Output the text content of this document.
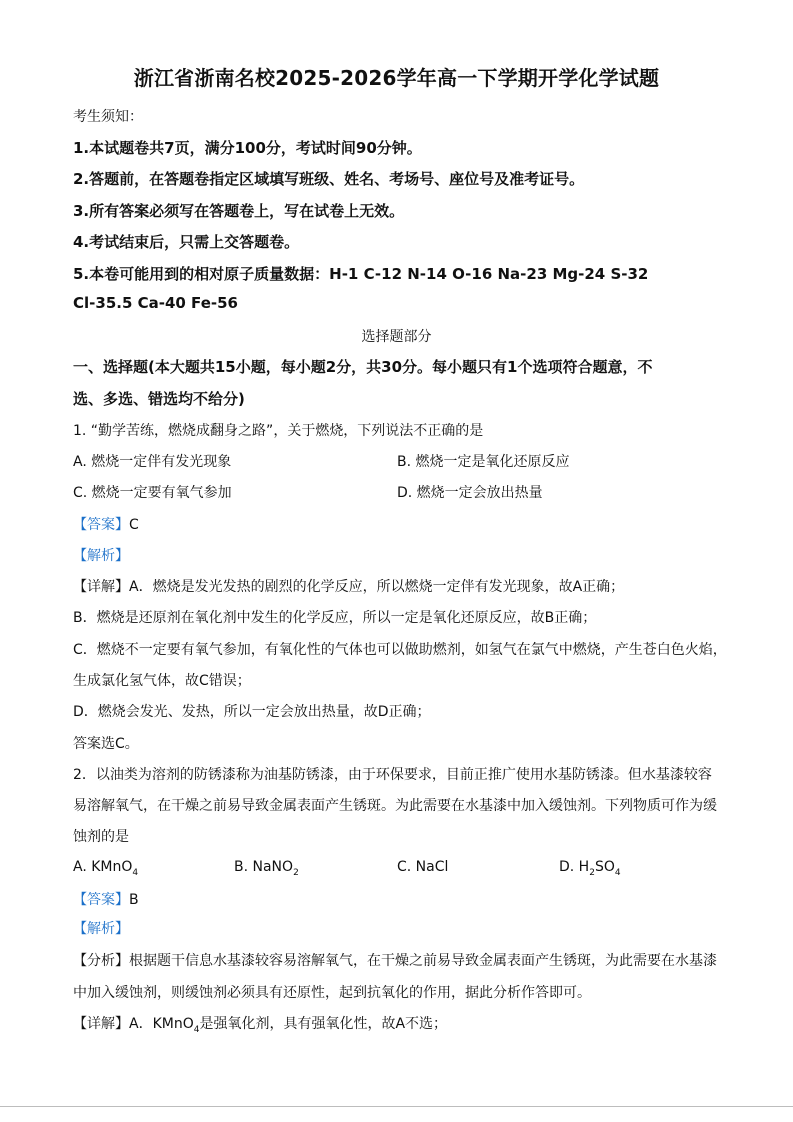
浙江省浙南名校2025-2026学年高一下学期开学化学试题
考生须知：
1.本试题卷共7页，满分100分，考试时间90分钟。
2.答题前，在答题卷指定区域填写班级、姓名、考场号、座位号及准考证号。
3.所有答案必须写在答题卷上，写在试卷上无效。
4.考试结束后，只需上交答题卷。
5.本卷可能用到的相对原子质量数据：H-1 C-12 N-14 O-16 Na-23 Mg-24 S-32
Cl-35.5 Ca-40 Fe-56
选择题部分
一、选择题(本大题共15小题，每小题2分，共30分。每小题只有1个选项符合题意，不
选、多选、错选均不给分)
1. “勤学苦练，燃烧成翻身之路”，关于燃烧，下列说法不正确的是
A. 燃烧一定伴有发光现象	B. 燃烧一定是氧化还原反应
C. 燃烧一定要有氧气参加	D. 燃烧一定会放出热量
【答案】C
【解析】
【详解】A．燃烧是发光发热的剧烈的化学反应，所以燃烧一定伴有发光现象，故A正确；
B．燃烧是还原剂在氧化剂中发生的化学反应，所以一定是氧化还原反应，故B正确；
C．燃烧不一定要有氧气参加，有氧化性的气体也可以做助燃剂，如氢气在氯气中燃烧，产生苍白色火焰，
生成氯化氢气体，故C错误；
D．燃烧会发光、发热，所以一定会放出热量，故D正确；
答案选C。
2．以油类为溶剂的防锈漆称为油基防锈漆，由于环保要求，目前正推广使用水基防锈漆。但水基漆较容
易溶解氧气，在干燥之前易导致金属表面产生锈斑。为此需要在水基漆中加入缓蚀剂。下列物质可作为缓
蚀剂的是
A. KMnO$_4$	B. NaNO$_2$	C. NaCl	D. $H_2SO_4$
【答案】B
【解析】
【分析】根据题干信息水基漆较容易溶解氧气，在干燥之前易导致金属表面产生锈斑，为此需要在水基漆
中加入缓蚀剂，则缓蚀剂必须具有还原性，起到抗氧化的作用，据此分析作答即可。
【详解】A．KMnO$_4$是强氧化剂，具有强氧化性，故A不选；
